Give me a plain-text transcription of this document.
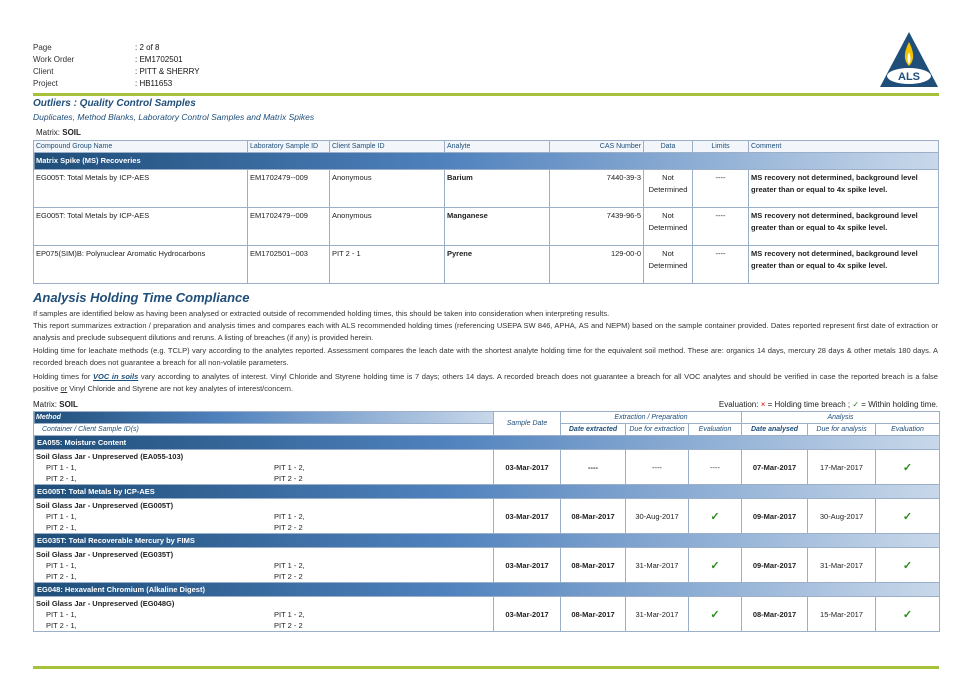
Page	: 2 of 8
Work Order	: EM1702501
Client	: PITT & SHERRY
Project	: HB11653
ALS
Outliers : Quality Control Samples
Duplicates, Method Blanks, Laboratory Control Samples and Matrix Spikes
Matrix: SOIL
Compound Group Name	Laboratory Sample ID	Client Sample ID	Analyte	CAS Number	Data	Limits	Comment
Matrix Spike (MS) Recoveries							
EG005T: Total Metals by ICP-AES	EM1702479--009	Anonymous	Barium	7440-39-3	Not Determined	----	MS recovery not determined, background level greater than or equal to 4x spike level.
EG005T: Total Metals by ICP-AES	EM1702479--009	Anonymous	Manganese	7439-96-5	Not Determined	----	MS recovery not determined, background level greater than or equal to 4x spike level.
EP075(SIM)B: Polynuclear Aromatic Hydrocarbons	EM1702501--003	PIT 2 - 1	Pyrene	129-00-0	Not Determined	----	MS recovery not determined, background level greater than or equal to 4x spike level.
Analysis Holding Time Compliance

If samples are identified below as having been analysed or extracted outside of recommended holding times, this should be taken into consideration when interpreting results.

This report summarizes extraction / preparation and analysis times and compares each with ALS recommended holding times (referencing USEPA SW 846, APHA, AS and NEPM) based on the sample container provided. Dates reported represent first date of extraction or analysis and preclude subsequent dilutions and reruns. A listing of breaches (if any) is provided herein.

Holding time for leachate methods (e.g. TCLP) vary according to the analytes reported. Assessment compares the leach date with the shortest analyte holding time for the equivalent soil method. These are: organics 14 days, mercury 28 days & other metals 180 days. A recorded breach does not guarantee a breach for all non-volatile parameters.

Holding times for VOC in soils vary according to analytes of interest. Vinyl Chloride and Styrene holding time is 7 days; others 14 days. A recorded breach does not guarantee a breach for all VOC analytes and should be verified in case the reported breach is a false positive or Vinyl Chloride and Styrene are not key analytes of interest/concern.

Matrix: SOIL	Evaluation: × = Holding time breach ; ✓ = Within holding time.
Method	Sample Date	Extraction / Preparation			Analysis		
Container / Client Sample ID(s)		Date extracted	Due for extraction	Evaluation	Date analysed	Due for analysis	Evaluation
EA055: Moisture Content							

Soil Glass Jar - Unpreserved (EA055-103)
PIT 1 - 1, PIT 1 - 2,
PIT 2 - 1, PIT 2 - 2	03-Mar-2017	----	----	----	07-Mar-2017	17-Mar-2017	✓
EG005T: Total Metals by ICP-AES							

Soil Glass Jar - Unpreserved (EG005T)
PIT 1 - 1, PIT 1 - 2,
PIT 2 - 1, PIT 2 - 2	03-Mar-2017	08-Mar-2017	30-Aug-2017	✓	09-Mar-2017	30-Aug-2017	✓
EG035T: Total Recoverable Mercury by FIMS							

Soil Glass Jar - Unpreserved (EG035T)
PIT 1 - 1, PIT 1 - 2,
PIT 2 - 1, PIT 2 - 2	03-Mar-2017	08-Mar-2017	31-Mar-2017	✓	09-Mar-2017	31-Mar-2017	✓
EG048: Hexavalent Chromium (Alkaline Digest)							

Soil Glass Jar - Unpreserved (EG048G)
PIT 1 - 1, PIT 1 - 2,
PIT 2 - 1, PIT 2 - 2	03-Mar-2017	08-Mar-2017	31-Mar-2017	✓	08-Mar-2017	15-Mar-2017	✓
